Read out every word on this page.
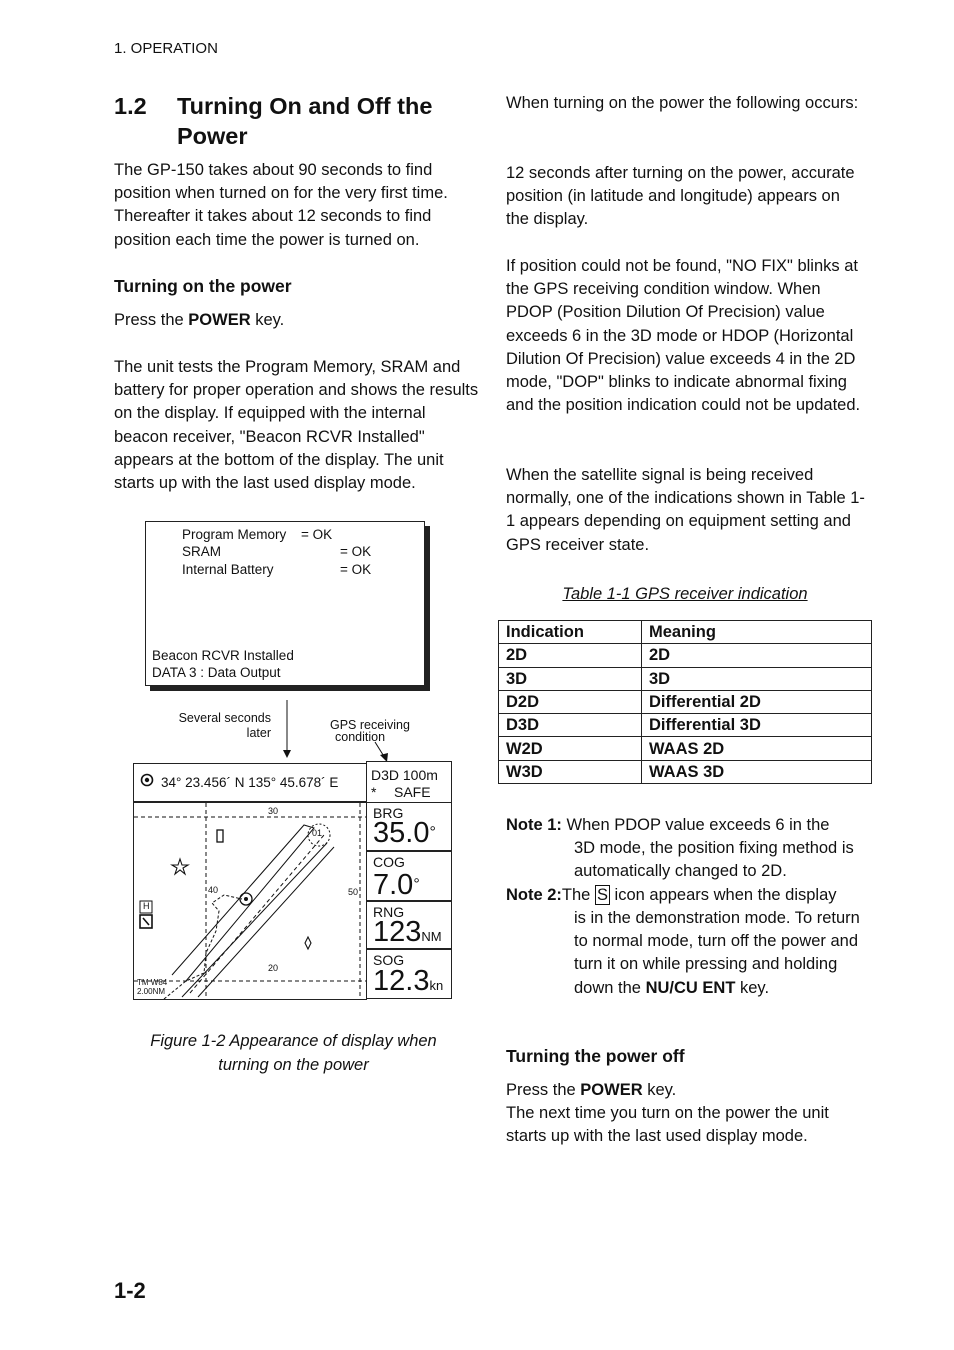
1. OPERATION
1.2 Turning On and Off the Power

The GP-150 takes about 90 seconds to find position when turned on for the very first time. Thereafter it takes about 12 seconds to find position each time the power is turned on.

Turning on the power

Press the POWER key.

The unit tests the Program Memory, SRAM and battery for proper operation and shows the results on the display. If equipped with the internal beacon receiver, "Beacon RCVR Installed" appears at the bottom of the display. The unit starts up with the last used display mode.

Program Memory = OK
SRAM	= OK
Internal Battery	= OK
Beacon RCVR Installed
DATA 3 : Data Output
Several seconds
later
GPS receiving
condition
34° 23.456´ N 135° 45.678´ E D3D 100m
* SAFE
30
40	50
20
01
H
TM W84
2.00NM
BRG
35.0°
COG
7.0°
RNG
123NM
SOG
12.3kn
Figure 1-2 Appearance of display when
turning on the power

When turning on the power the following occurs:

12 seconds after turning on the power, accurate position (in latitude and longitude) appears on the display.

If position could not be found, "NO FIX" blinks at the GPS receiving condition window. When PDOP (Position Dilution Of Precision) value exceeds 6 in the 3D mode or HDOP (Horizontal Dilution Of Precision) value exceeds 4 in the 2D mode, "DOP" blinks to indicate abnormal fixing and the position indication could not be updated.

When the satellite signal is being received normally, one of the indications shown in Table 1-1 appears depending on equipment setting and GPS receiver state.

Table 1-1 GPS receiver indication
Indication	Meaning
2D	2D
3D	3D
D2D	Differential 2D
D3D	Differential 3D
W2D	WAAS 2D
W3D	WAAS 3D
Note 1: When PDOP value exceeds 6 in the
3D mode, the position fixing method is automatically changed to 2D.
Note 2:The S icon appears when the display
is in the demonstration mode. To return to normal mode, turn off the power and turn it on while pressing and holding down the NU/CU ENT key.
Turning the power off

Press the POWER key.

The next time you turn on the power the unit starts up with the last used display mode.

1-2
